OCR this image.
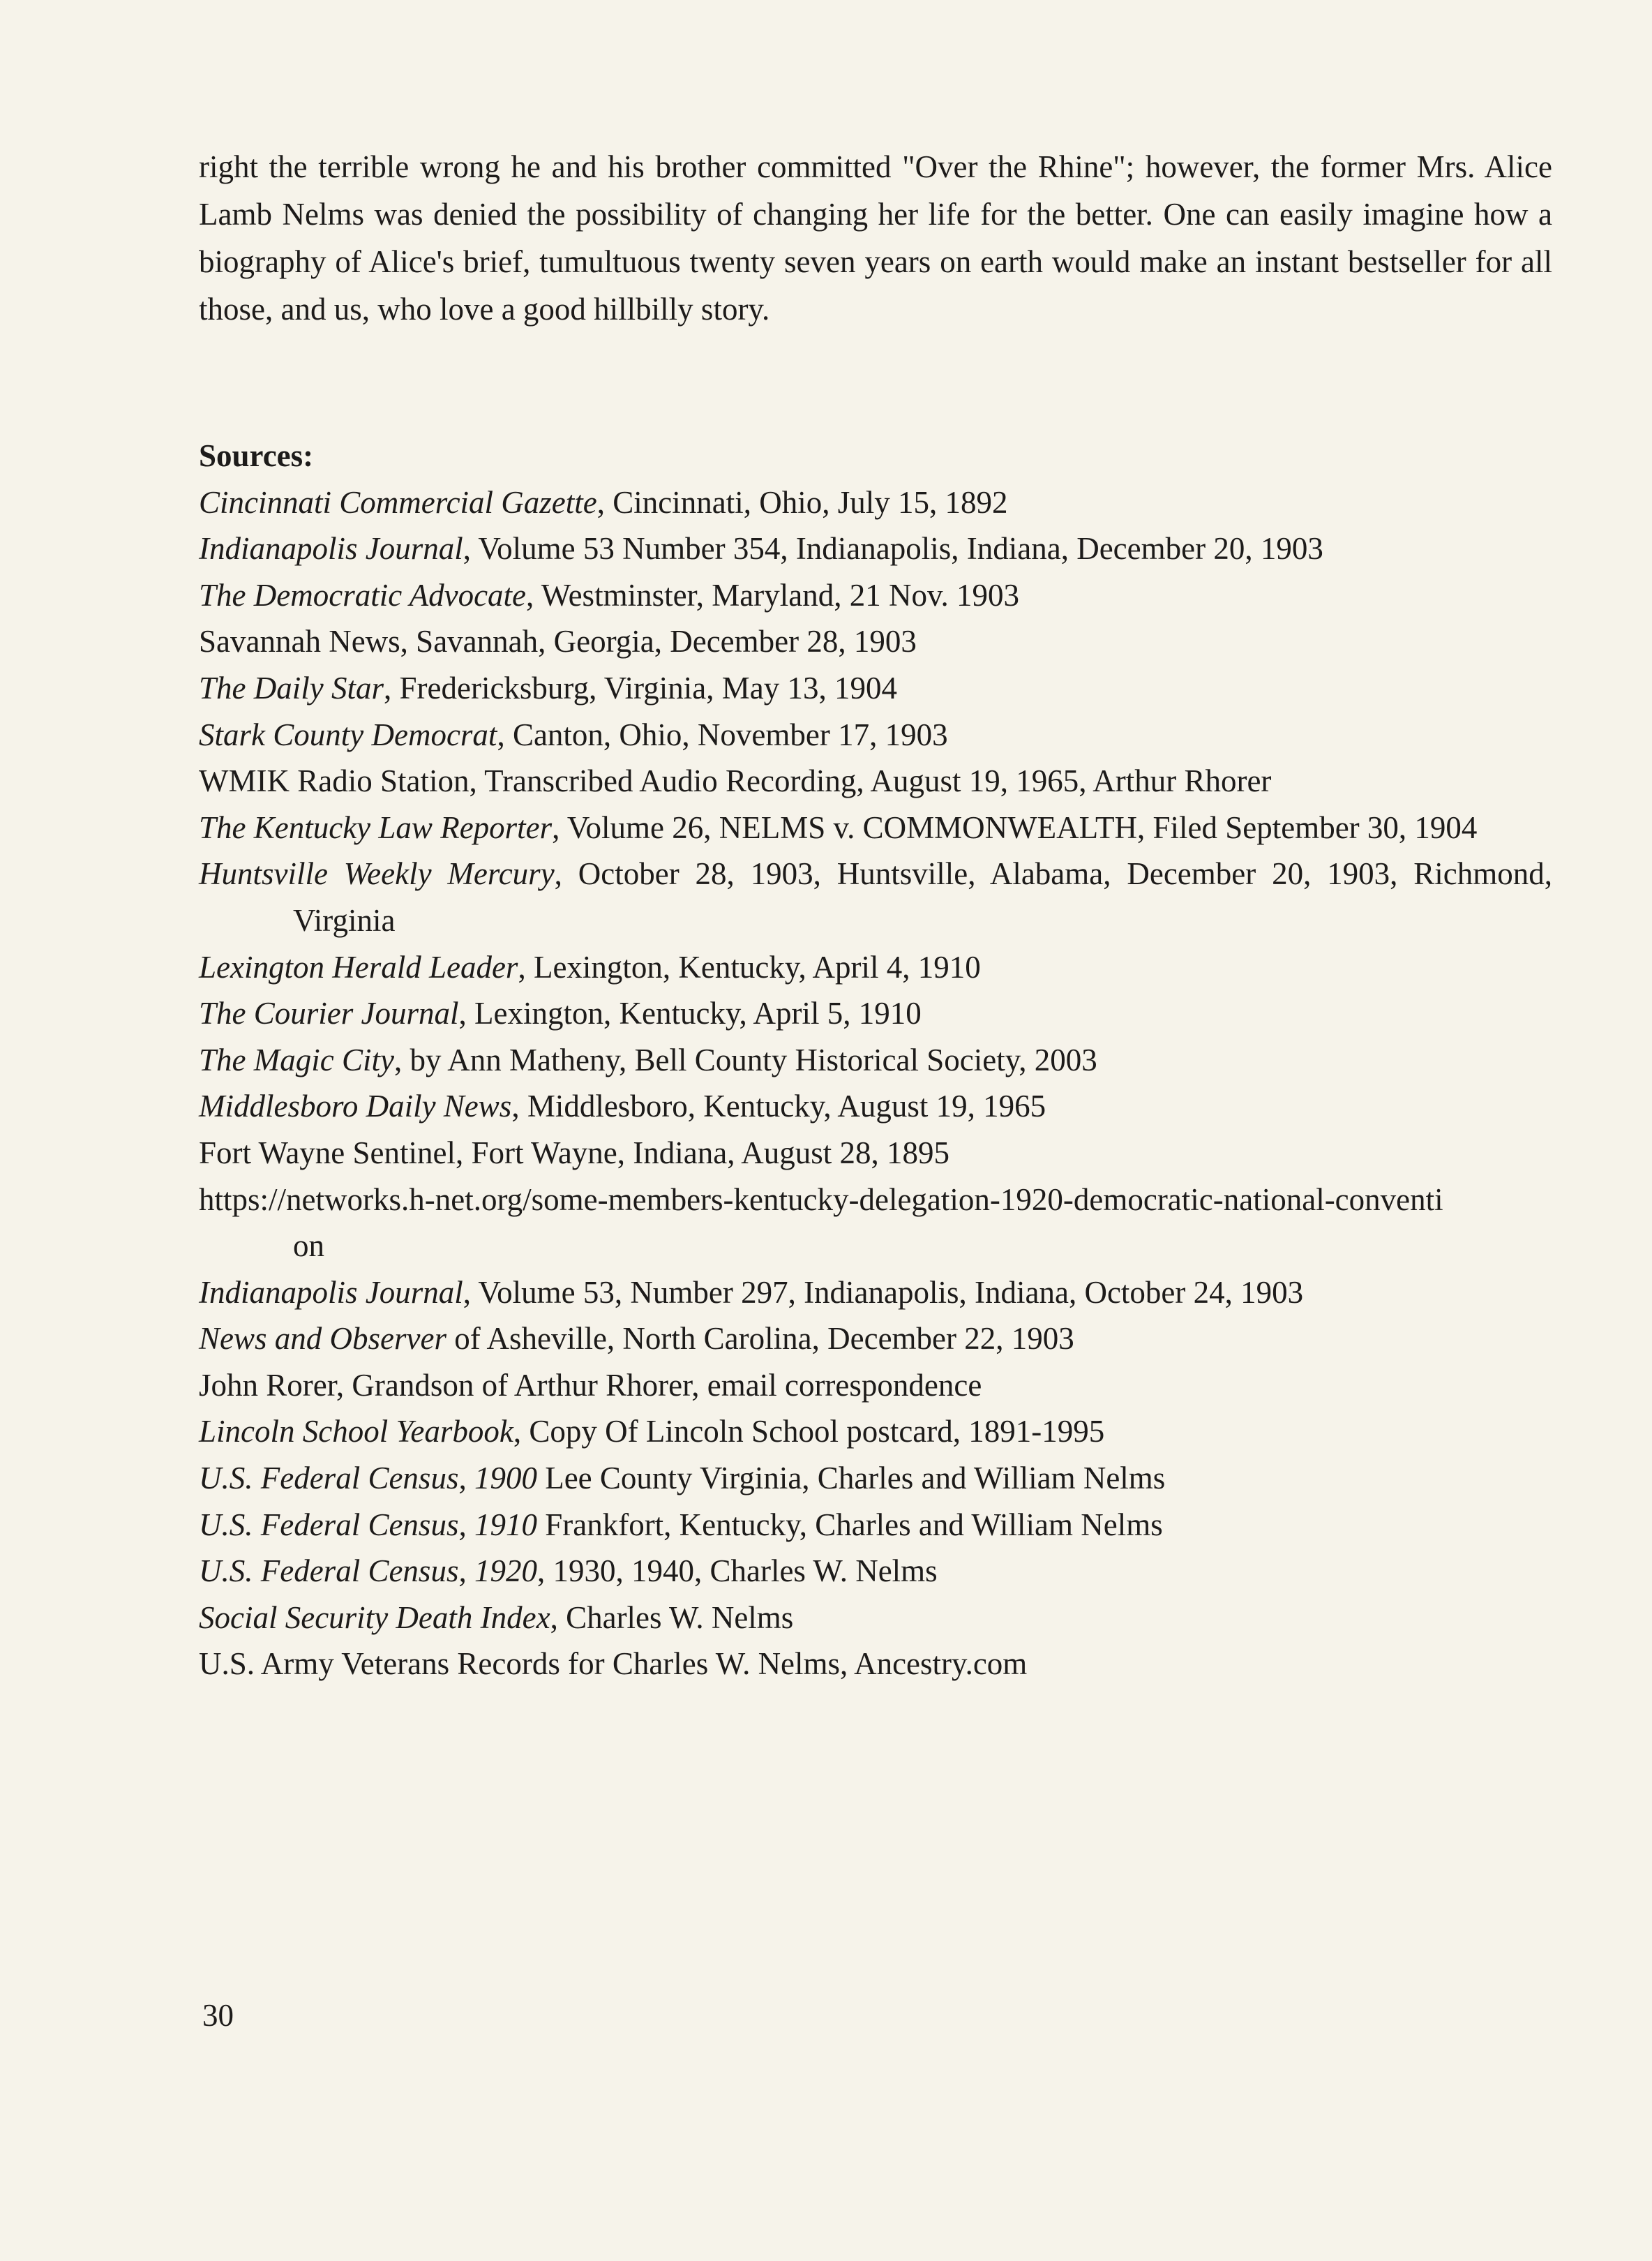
right the terrible wrong he and his brother committed "Over the Rhine"; however, the former Mrs. Alice Lamb Nelms was denied the possibility of changing her life for the better. One can easily imagine how a biography of Alice's brief, tumultuous twenty seven years on earth would make an instant bestseller for all those, and us, who love a good hillbilly story.

Sources:
Cincinnati Commercial Gazette, Cincinnati, Ohio, July 15, 1892
Indianapolis Journal, Volume 53 Number 354, Indianapolis, Indiana, December 20, 1903
The Democratic Advocate, Westminster, Maryland, 21 Nov. 1903
Savannah News, Savannah, Georgia, December 28, 1903
The Daily Star, Fredericksburg, Virginia, May 13, 1904
Stark County Democrat, Canton, Ohio, November 17, 1903
WMIK Radio Station, Transcribed Audio Recording, August 19, 1965, Arthur Rhorer
The Kentucky Law Reporter, Volume 26, NELMS v. COMMONWEALTH, Filed September 30, 1904
Huntsville Weekly Mercury, October 28, 1903, Huntsville, Alabama, December 20, 1903, Richmond, Virginia
Lexington Herald Leader, Lexington, Kentucky, April 4, 1910
The Courier Journal, Lexington, Kentucky, April 5, 1910
The Magic City, by Ann Matheny, Bell County Historical Society, 2003
Middlesboro Daily News, Middlesboro, Kentucky, August 19, 1965
Fort Wayne Sentinel, Fort Wayne, Indiana, August 28, 1895
https://networks.h-net.org/some-members-kentucky-delegation-1920-democratic-national-convention
Indianapolis Journal, Volume 53, Number 297, Indianapolis, Indiana, October 24, 1903
News and Observer of Asheville, North Carolina, December 22, 1903
John Rorer, Grandson of Arthur Rhorer, email correspondence
Lincoln School Yearbook, Copy Of Lincoln School postcard, 1891-1995
U.S. Federal Census, 1900 Lee County Virginia, Charles and William Nelms
U.S. Federal Census, 1910 Frankfort, Kentucky, Charles and William Nelms
U.S. Federal Census, 1920, 1930, 1940, Charles W. Nelms
Social Security Death Index, Charles W. Nelms
U.S. Army Veterans Records for Charles W. Nelms, Ancestry.com
30
